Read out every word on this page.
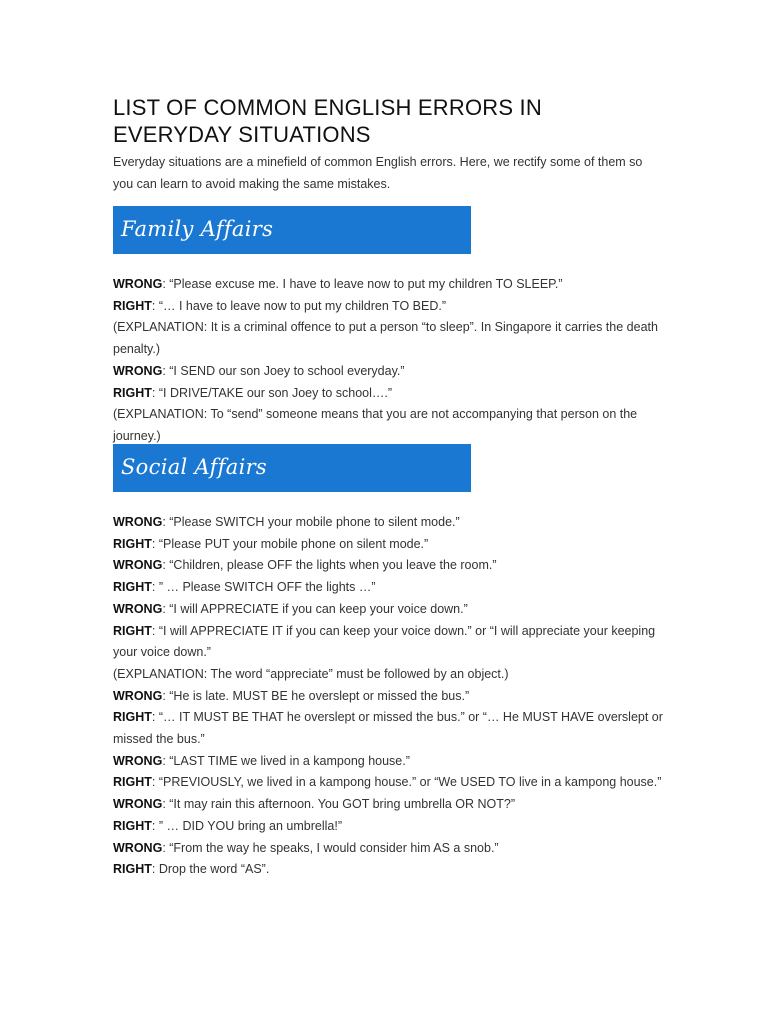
LIST OF COMMON ENGLISH ERRORS IN EVERYDAY SITUATIONS

Everyday situations are a minefield of common English errors. Here, we rectify some of them so you can learn to avoid making the same mistakes.

Family Affairs

WRONG: “Please excuse me. I have to leave now to put my children TO SLEEP.”

RIGHT: “… I have to leave now to put my children TO BED.”

(EXPLANATION: It is a criminal offence to put a person “to sleep”. In Singapore it carries the death penalty.)

WRONG: “I SEND our son Joey to school everyday.”

RIGHT: “I DRIVE/TAKE our son Joey to school….”

(EXPLANATION: To “send” someone means that you are not accompanying that person on the journey.)

Social Affairs

WRONG: “Please SWITCH your mobile phone to silent mode.”

RIGHT: “Please PUT your mobile phone on silent mode.”

WRONG: “Children, please OFF the lights when you leave the room.”

RIGHT: ” … Please SWITCH OFF the lights …”

WRONG: “I will APPRECIATE if you can keep your voice down.”

RIGHT: “I will APPRECIATE IT if you can keep your voice down.” or “I will appreciate your keeping your voice down.”

(EXPLANATION: The word “appreciate” must be followed by an object.)

WRONG: “He is late. MUST BE he overslept or missed the bus.”

RIGHT: “… IT MUST BE THAT he overslept or missed the bus.” or “… He MUST HAVE overslept or missed the bus.”

WRONG: “LAST TIME we lived in a kampong house.”

RIGHT: “PREVIOUSLY, we lived in a kampong house.” or “We USED TO live in a kampong house.”

WRONG: “It may rain this afternoon. You GOT bring umbrella OR NOT?”

RIGHT: ” … DID YOU bring an umbrella!”

WRONG: “From the way he speaks, I would consider him AS a snob.”

RIGHT: Drop the word “AS”.
